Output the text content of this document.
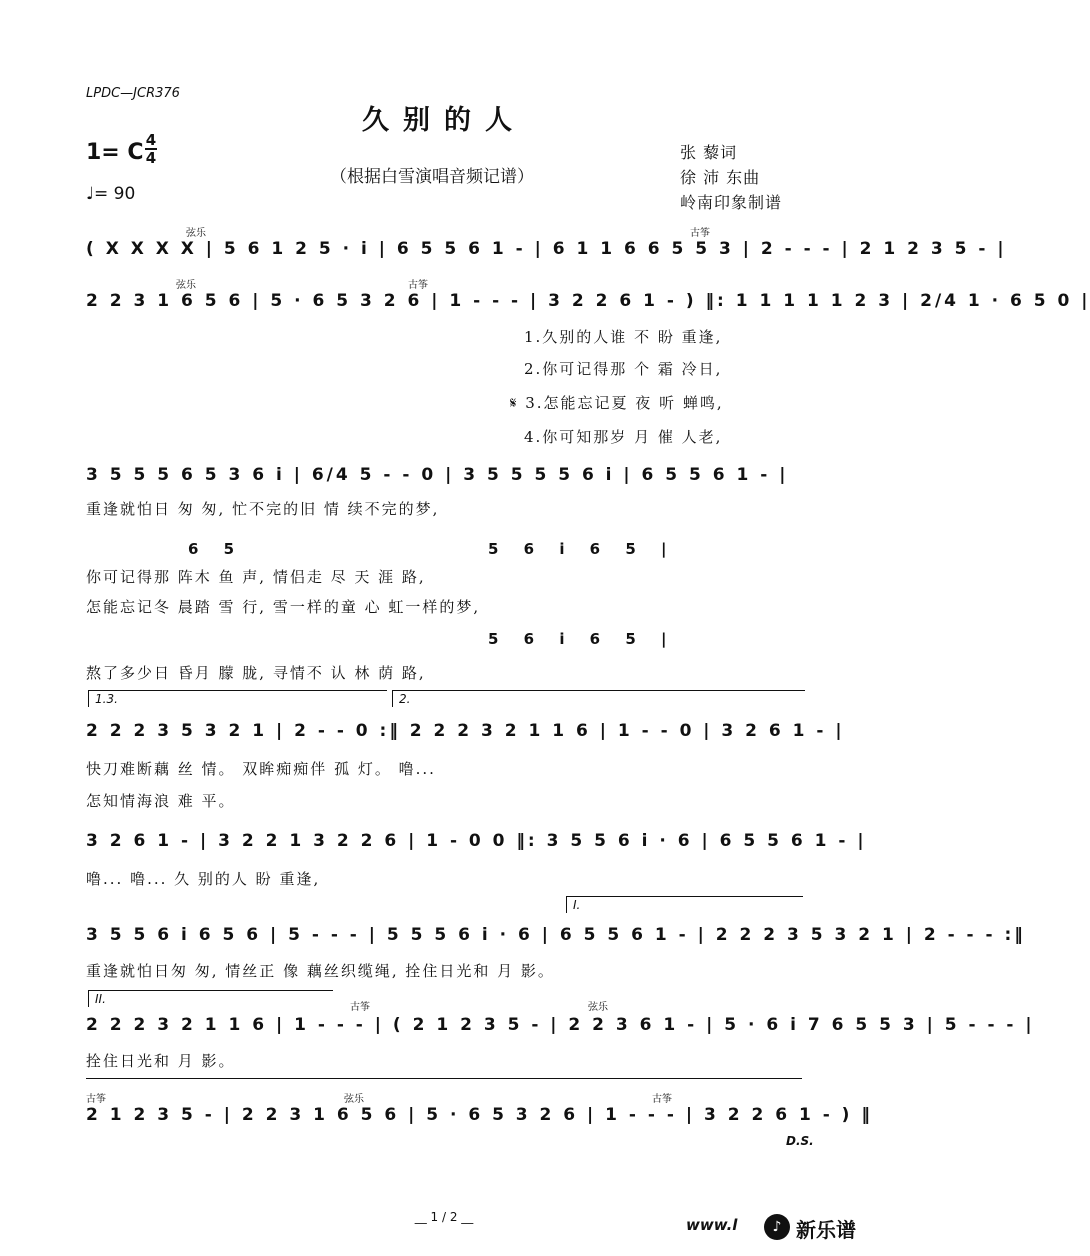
LPDC—JCR376
久别的人
（根据白雪演唱音频记谱）
1= C 4
4
♩= 90
张 藜词
徐 沛 东曲
岭南印象制谱
弦乐	古筝
( X X X X | 5 6 1 2 5 · i | 6 5 5 6 1 - | 6 1 1 6 6 5 5 3 | 2 - - - | 2 1 2 3 5 - |
弦乐	古筝
2 2 3 1 6 5 6 | 5 · 6 5 3 2 6 | 1 - - - | 3 2 2 6 1 - ) ‖: 1 1 1 1 1 2 3 | 2/4 1 · 6 5 0 |
1.久别的人谁 不 盼 重逢,
2.你可记得那 个 霜 冷日,
𝄋 3.怎能忘记夏 夜 听 蝉鸣,
4.你可知那岁 月 催 人老,
3 5 5 5 6 5 3 6 i | 6/4 5 - - 0 | 3 5 5 5 5 6 i | 6 5 5 6 1 - |
重逢就怕日 匆 匆, 忙不完的旧 情 续不完的梦,
6 5	5 6 i 6 5 |
你可记得那 阵木 鱼 声, 情侣走 尽 天 涯 路,
怎能忘记冬 晨踏 雪 行, 雪一样的童 心 虹一样的梦,
5 6 i 6 5 |
熬了多少日 昏月 朦 胧, 寻情不 认 林 荫 路,
1.3.	2.
2 2 2 3 5 3 2 1 | 2 - - 0 :‖ 2 2 2 3 2 1 1 6 | 1 - - 0 | 3 2 6 1 - |
快刀难断藕 丝 情。 双眸痴痴伴 孤 灯。 噜...
怎知情海浪 难 平。
3 2 6 1 - | 3 2 2 1 3 2 2 6 | 1 - 0 0 ‖: 3 5 5 6 i · 6 | 6 5 5 6 1 - |
噜... 噜... 久 别的人 盼 重逢,
I.
3 5 5 6 i 6 5 6 | 5 - - - | 5 5 5 6 i · 6 | 6 5 5 6 1 - | 2 2 2 3 5 3 2 1 | 2 - - - :‖
重逢就怕日匆 匆, 情丝正 像 藕丝织缆绳, 拴住日光和 月 影。
II.
古筝	弦乐
2 2 2 3 2 1 1 6 | 1 - - - | ( 2 1 2 3 5 - | 2 2 3 6 1 - | 5 · 6 i 7 6 5 5 3 | 5 - - - |
拴住日光和 月 影。
古筝	弦乐	古筝
2 1 2 3 5 - | 2 2 3 1 6 5 6 | 5 · 6 5 3 2 6 | 1 - - - | 3 2 2 6 1 - ) ‖
D.S.
__ 1 / 2 __	www.l	♪ 新乐谱
